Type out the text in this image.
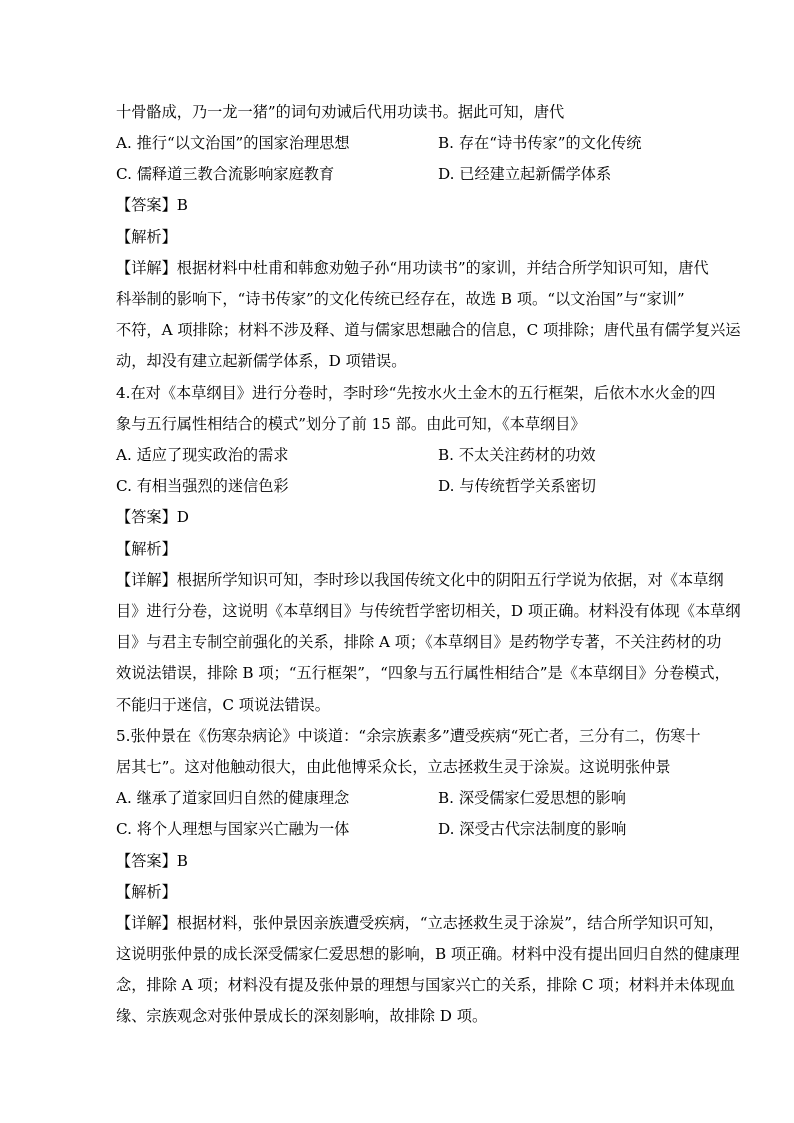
十骨骼成，乃一龙一猪”的词句劝诫后代用功读书。据此可知，唐代
A. 推行“以文治国”的国家治理思想	B. 存在“诗书传家”的文化传统
C. 儒释道三教合流影响家庭教育	D. 已经建立起新儒学体系
【答案】B
【解析】
【详解】根据材料中杜甫和韩愈劝勉子孙“用功读书”的家训，并结合所学知识可知，唐代
科举制的影响下，“诗书传家”的文化传统已经存在，故选 B 项。“以文治国”与“家训”
不符，A 项排除；材料不涉及释、道与儒家思想融合的信息，C 项排除；唐代虽有儒学复兴运
动，却没有建立起新儒学体系，D 项错误。
4.在对《本草纲目》进行分卷时，李时珍“先按水火土金木的五行框架，后依木水火金的四
象与五行属性相结合的模式”划分了前 15 部。由此可知，《本草纲目》
A. 适应了现实政治的需求	B. 不太关注药材的功效
C. 有相当强烈的迷信色彩	D. 与传统哲学关系密切
【答案】D
【解析】
【详解】根据所学知识可知，李时珍以我国传统文化中的阴阳五行学说为依据，对《本草纲
目》进行分卷，这说明《本草纲目》与传统哲学密切相关，D 项正确。材料没有体现《本草纲
目》与君主专制空前强化的关系，排除 A 项；《本草纲目》是药物学专著，不关注药材的功
效说法错误，排除 B 项；“五行框架”，“四象与五行属性相结合”是《本草纲目》分卷模式，
不能归于迷信，C 项说法错误。
5.张仲景在《伤寒杂病论》中谈道：“余宗族素多”遭受疾病“死亡者，三分有二，伤寒十
居其七”。这对他触动很大，由此他博采众长，立志拯救生灵于涂炭。这说明张仲景
A. 继承了道家回归自然的健康理念	B. 深受儒家仁爱思想的影响
C. 将个人理想与国家兴亡融为一体	D. 深受古代宗法制度的影响
【答案】B
【解析】
【详解】根据材料，张仲景因亲族遭受疾病，“立志拯救生灵于涂炭”，结合所学知识可知，
这说明张仲景的成长深受儒家仁爱思想的影响，B 项正确。材料中没有提出回归自然的健康理
念，排除 A 项；材料没有提及张仲景的理想与国家兴亡的关系，排除 C 项；材料并未体现血
缘、宗族观念对张仲景成长的深刻影响，故排除 D 项。
